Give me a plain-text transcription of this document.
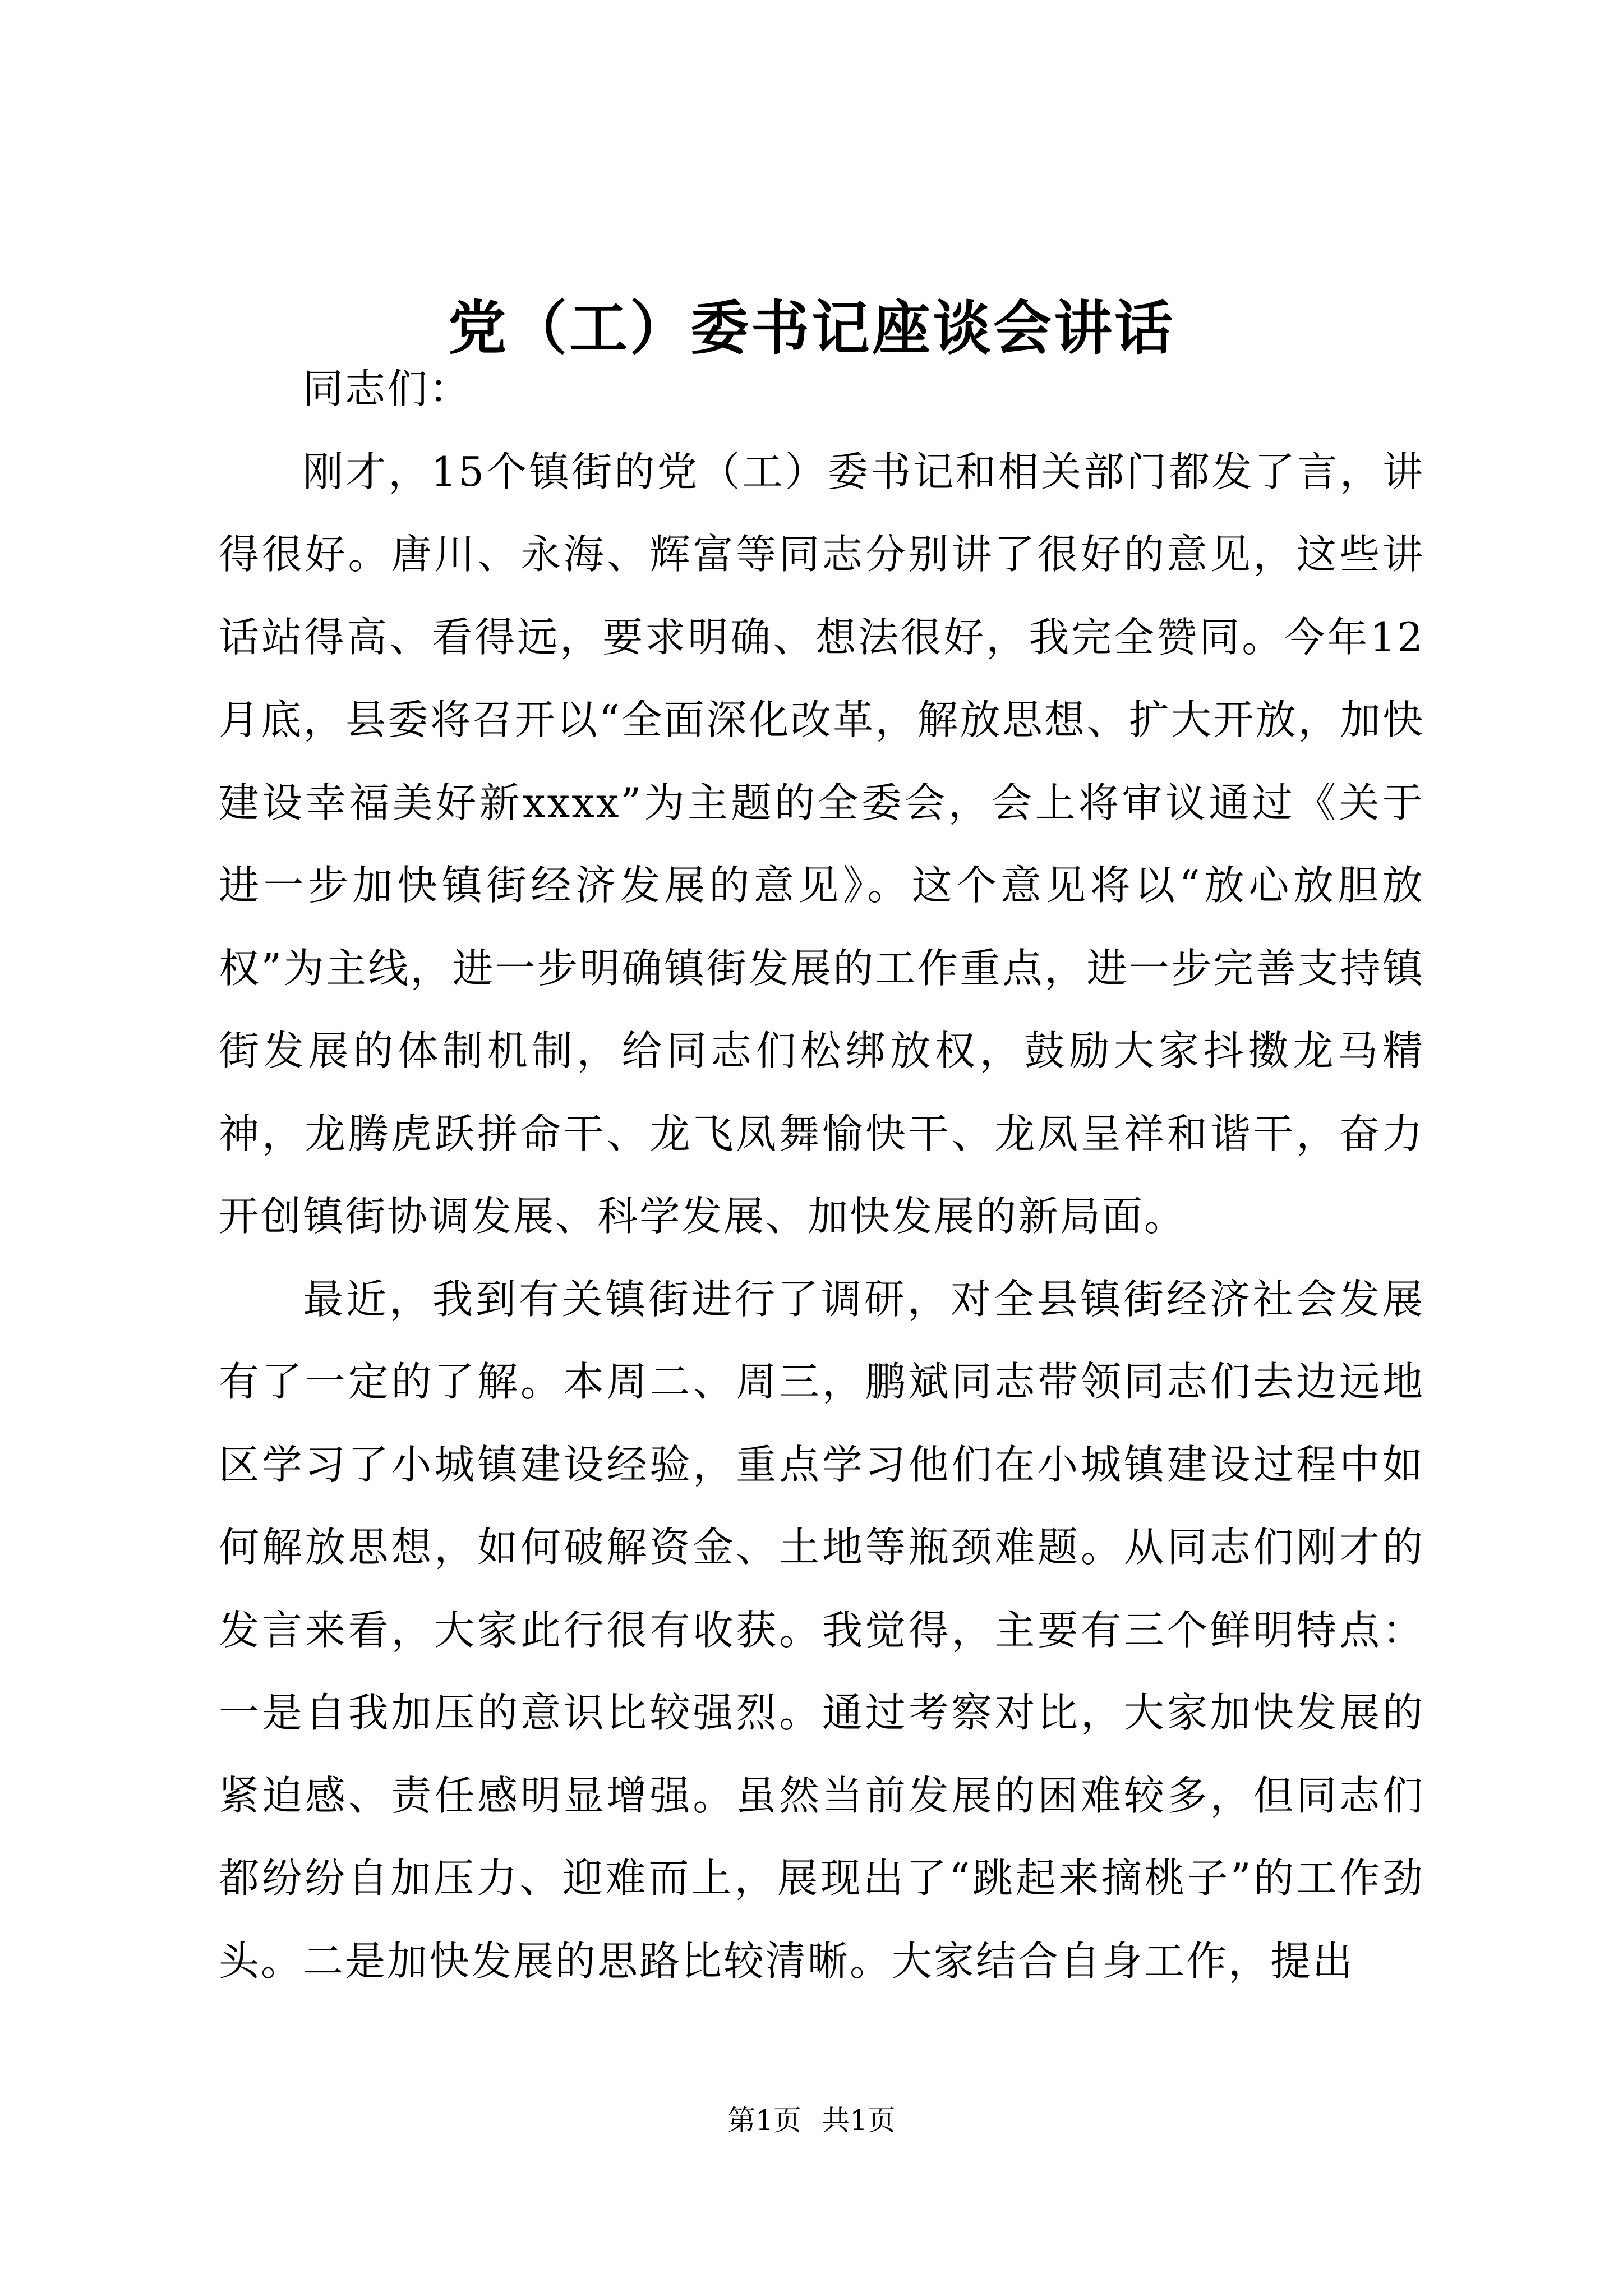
党（工）委书记座谈会讲话

同志们：

刚才，15个镇街的党（工）委书记和相关部门都发了言，讲得很好。唐川、永海、辉富等同志分别讲了很好的意见，这些讲话站得高、看得远，要求明确、想法很好，我完全赞同。今年12月底，县委将召开以“全面深化改革，解放思想、扩大开放，加快建设幸福美好新xxxx”为主题的全委会，会上将审议通过《关于进一步加快镇街经济发展的意见》。这个意见将以“放心放胆放权”为主线，进一步明确镇街发展的工作重点，进一步完善支持镇街发展的体制机制，给同志们松绑放权，鼓励大家抖擞龙马精神，龙腾虎跃拼命干、龙飞凤舞愉快干、龙凤呈祥和谐干，奋力开创镇街协调发展、科学发展、加快发展的新局面。

最近，我到有关镇街进行了调研，对全县镇街经济社会发展有了一定的了解。本周二、周三，鹏斌同志带领同志们去边远地区学习了小城镇建设经验，重点学习他们在小城镇建设过程中如何解放思想，如何破解资金、土地等瓶颈难题。从同志们刚才的发言来看，大家此行很有收获。我觉得，主要有三个鲜明特点：一是自我加压的意识比较强烈。通过考察对比，大家加快发展的紧迫感、责任感明显增强。虽然当前发展的困难较多，但同志们都纷纷自加压力、迎难而上，展现出了“跳起来摘桃子”的工作劲头。二是加快发展的思路比较清晰。大家结合自身工作，提出

第1页 共1页
